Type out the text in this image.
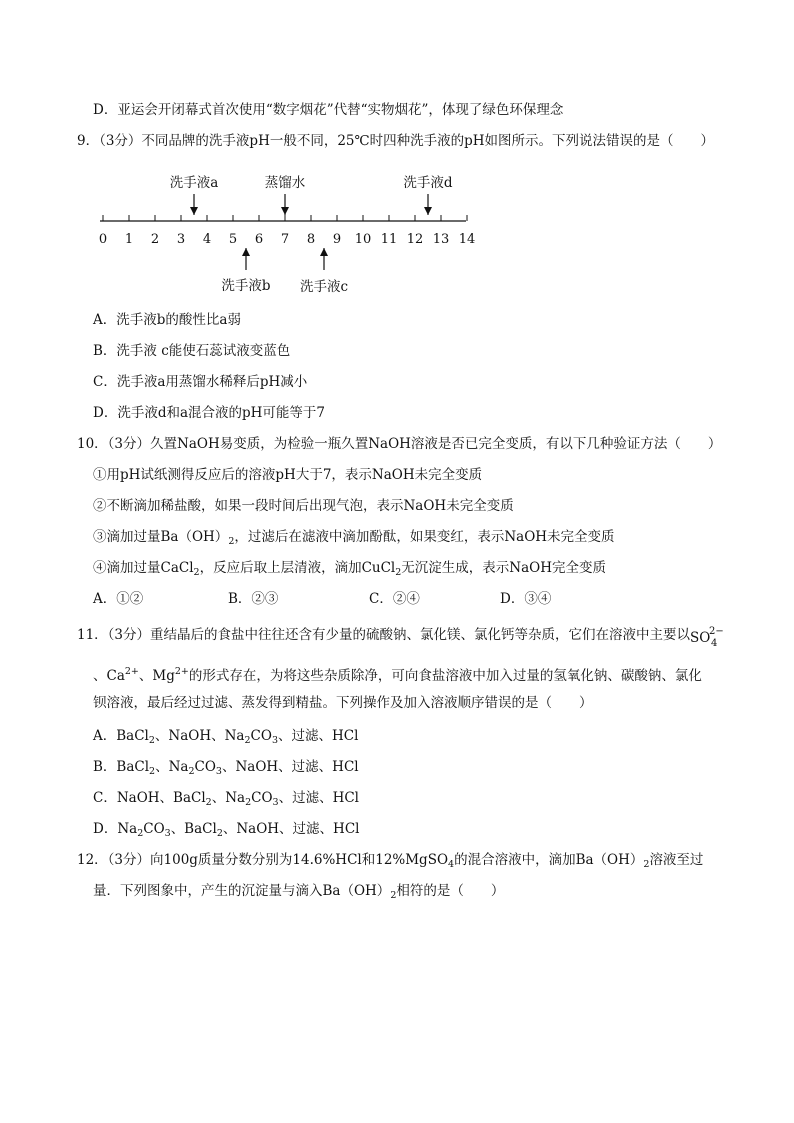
D．亚运会开闭幕式首次使用“数字烟花”代替“实物烟花”，体现了绿色环保理念
9．（3分）不同品牌的洗手液pH一般不同，25℃时四种洗手液的pH如图所示。下列说法错误的是（　　）
0 1 2 3 4 5 6 7 8 9 10 11 12 13 14
洗手液a	蒸馏水	洗手液d
洗手液b 洗手液c
A．洗手液b的酸性比a弱
B．洗手液 c能使石蕊试液变蓝色
C．洗手液a用蒸馏水稀释后pH减小
D．洗手液d和a混合液的pH可能等于7
10．（3分）久置NaOH易变质，为检验一瓶久置NaOH溶液是否已完全变质，有以下几种验证方法（　　）
①用pH试纸测得反应后的溶液pH大于7，表示NaOH未完全变质
②不断滴加稀盐酸，如果一段时间后出现气泡，表示NaOH未完全变质
③滴加过量$Ba(OH)_2$，过滤后在滤液中滴加酚酞，如果变红，表示NaOH未完全变质
④滴加过量CaCl$_2$，反应后取上层清液，滴加CuCl$_2$无沉淀生成，表示NaOH完全变质
A．①②	B．②③	C．②④	D．③④
11．（3分）重结晶后的食盐中往往还含有少量的硫酸钠、氯化镁、氯化钙等杂质，它们在溶液中主要以 SO
2−
4
、$Ca^{2+}$、$Mg^{2+}$的形式存在，为将这些杂质除净，可向食盐溶液中加入过量的氢氧化钠、碳酸钠、氯化
钡溶液，最后经过过滤、蒸发得到精盐。下列操作及加入溶液顺序错误的是（　　）
A．BaCl$_2$、NaOH、$Na_2CO_3$、过滤、HCl
B．BaCl$_2$、$Na_2CO_3$、NaOH、过滤、HCl
C．NaOH、BaCl$_2$、$Na_2CO_3$、过滤、HCl
D．$Na_2CO_3$、BaCl$_2$、NaOH、过滤、HCl
12．（3分）向100g质量分数分别为14.6%HCl和12%MgSO$_4$的混合溶液中，滴加$Ba(OH)_2$溶液至过
量．下列图象中，产生的沉淀量与滴入$Ba(OH)_2$相符的是（　　）
